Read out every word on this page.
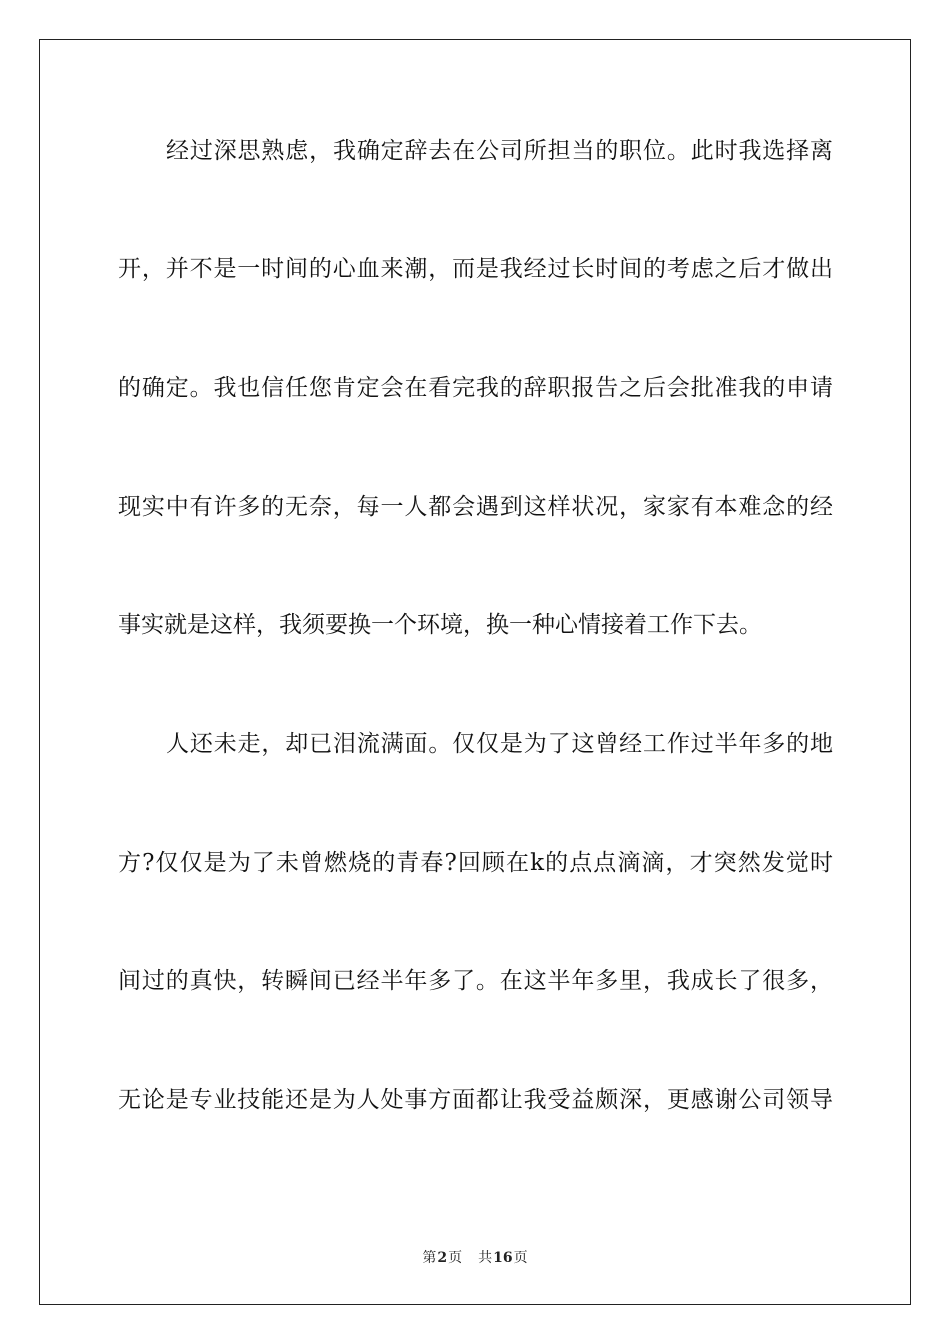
经过深思熟虑，我确定辞去在公司所担当的职位。此时我选择离
开，并不是一时间的心血来潮，而是我经过长时间的考虑之后才做出
的确定。我也信任您肯定会在看完我的辞职报告之后会批准我的申请
现实中有许多的无奈，每一人都会遇到这样状况，家家有本难念的经
事实就是这样，我须要换一个环境，换一种心情接着工作下去。
人还未走，却已泪流满面。仅仅是为了这曾经工作过半年多的地
方?仅仅是为了未曾燃烧的青春?回顾在k的点点滴滴，才突然发觉时
间过的真快，转瞬间已经半年多了。在这半年多里，我成长了很多，
无论是专业技能还是为人处事方面都让我受益颇深，更感谢公司领导
第2页 共16页
